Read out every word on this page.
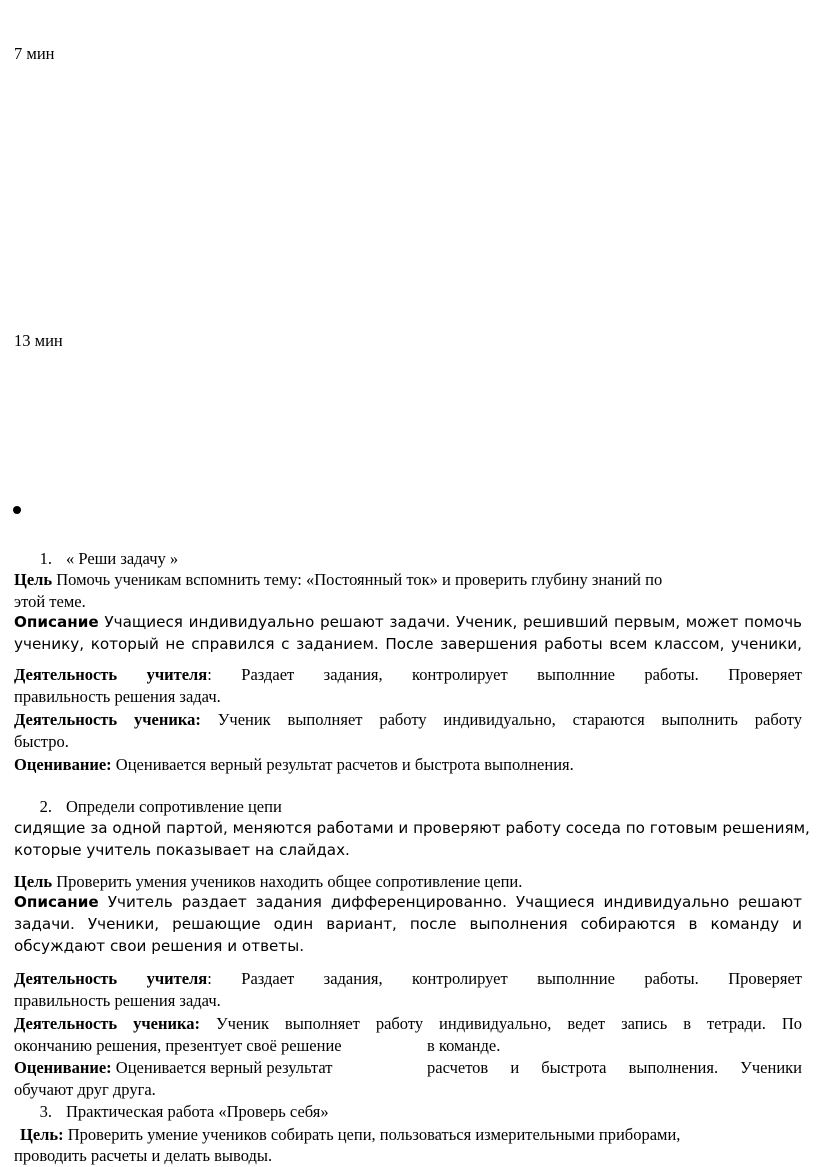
7 мин
13 мин
1. « Реши задачу »
Цель Помочь ученикам вспомнить тему: «Постоянный ток» и проверить глубину знаний по
этой теме.
Описание Учащиеся индивидуально решают задачи. Ученик, решивший первым, может помочь
ученику, который не справился с заданием. После завершения работы всем классом, ученики,
Деятельность учителя: Раздает задания, контролирует выполнние работы. Проверяет
правильность решения задач.
Деятельность ученика: Ученик выполняет работу индивидуально, стараются выполнить работу
быстро.
Оценивание: Оценивается верный результат расчетов и быстрота выполнения.
2. Определи сопротивление цепи
сидящие за одной партой, меняются работами и проверяют работу соседа по готовым решениям,
которые учитель показывает на слайдах.
Цель Проверить умения учеников находить общее сопротивление цепи.
Описание Учитель раздает задания дифференцированно. Учащиеся индивидуально решают
задачи. Ученики, решающие один вариант, после выполнения собираются в команду и
обсуждают свои решения и ответы.
Деятельность учителя: Раздает задания, контролирует выполнние работы. Проверяет
правильность решения задач.
Деятельность ученика: Ученик выполняет работу индивидуально, ведет запись в тетради. По
окончанию решения, презентует своё решение	в команде.
Оценивание: Оценивается верный результат	расчетов и быстрота выполнения. Ученики
обучают друг друга.
3. Практическая работа «Проверь себя»
Цель: Проверить умение учеников собирать цепи, пользоваться измерительными приборами,
проводить расчеты и делать выводы.
